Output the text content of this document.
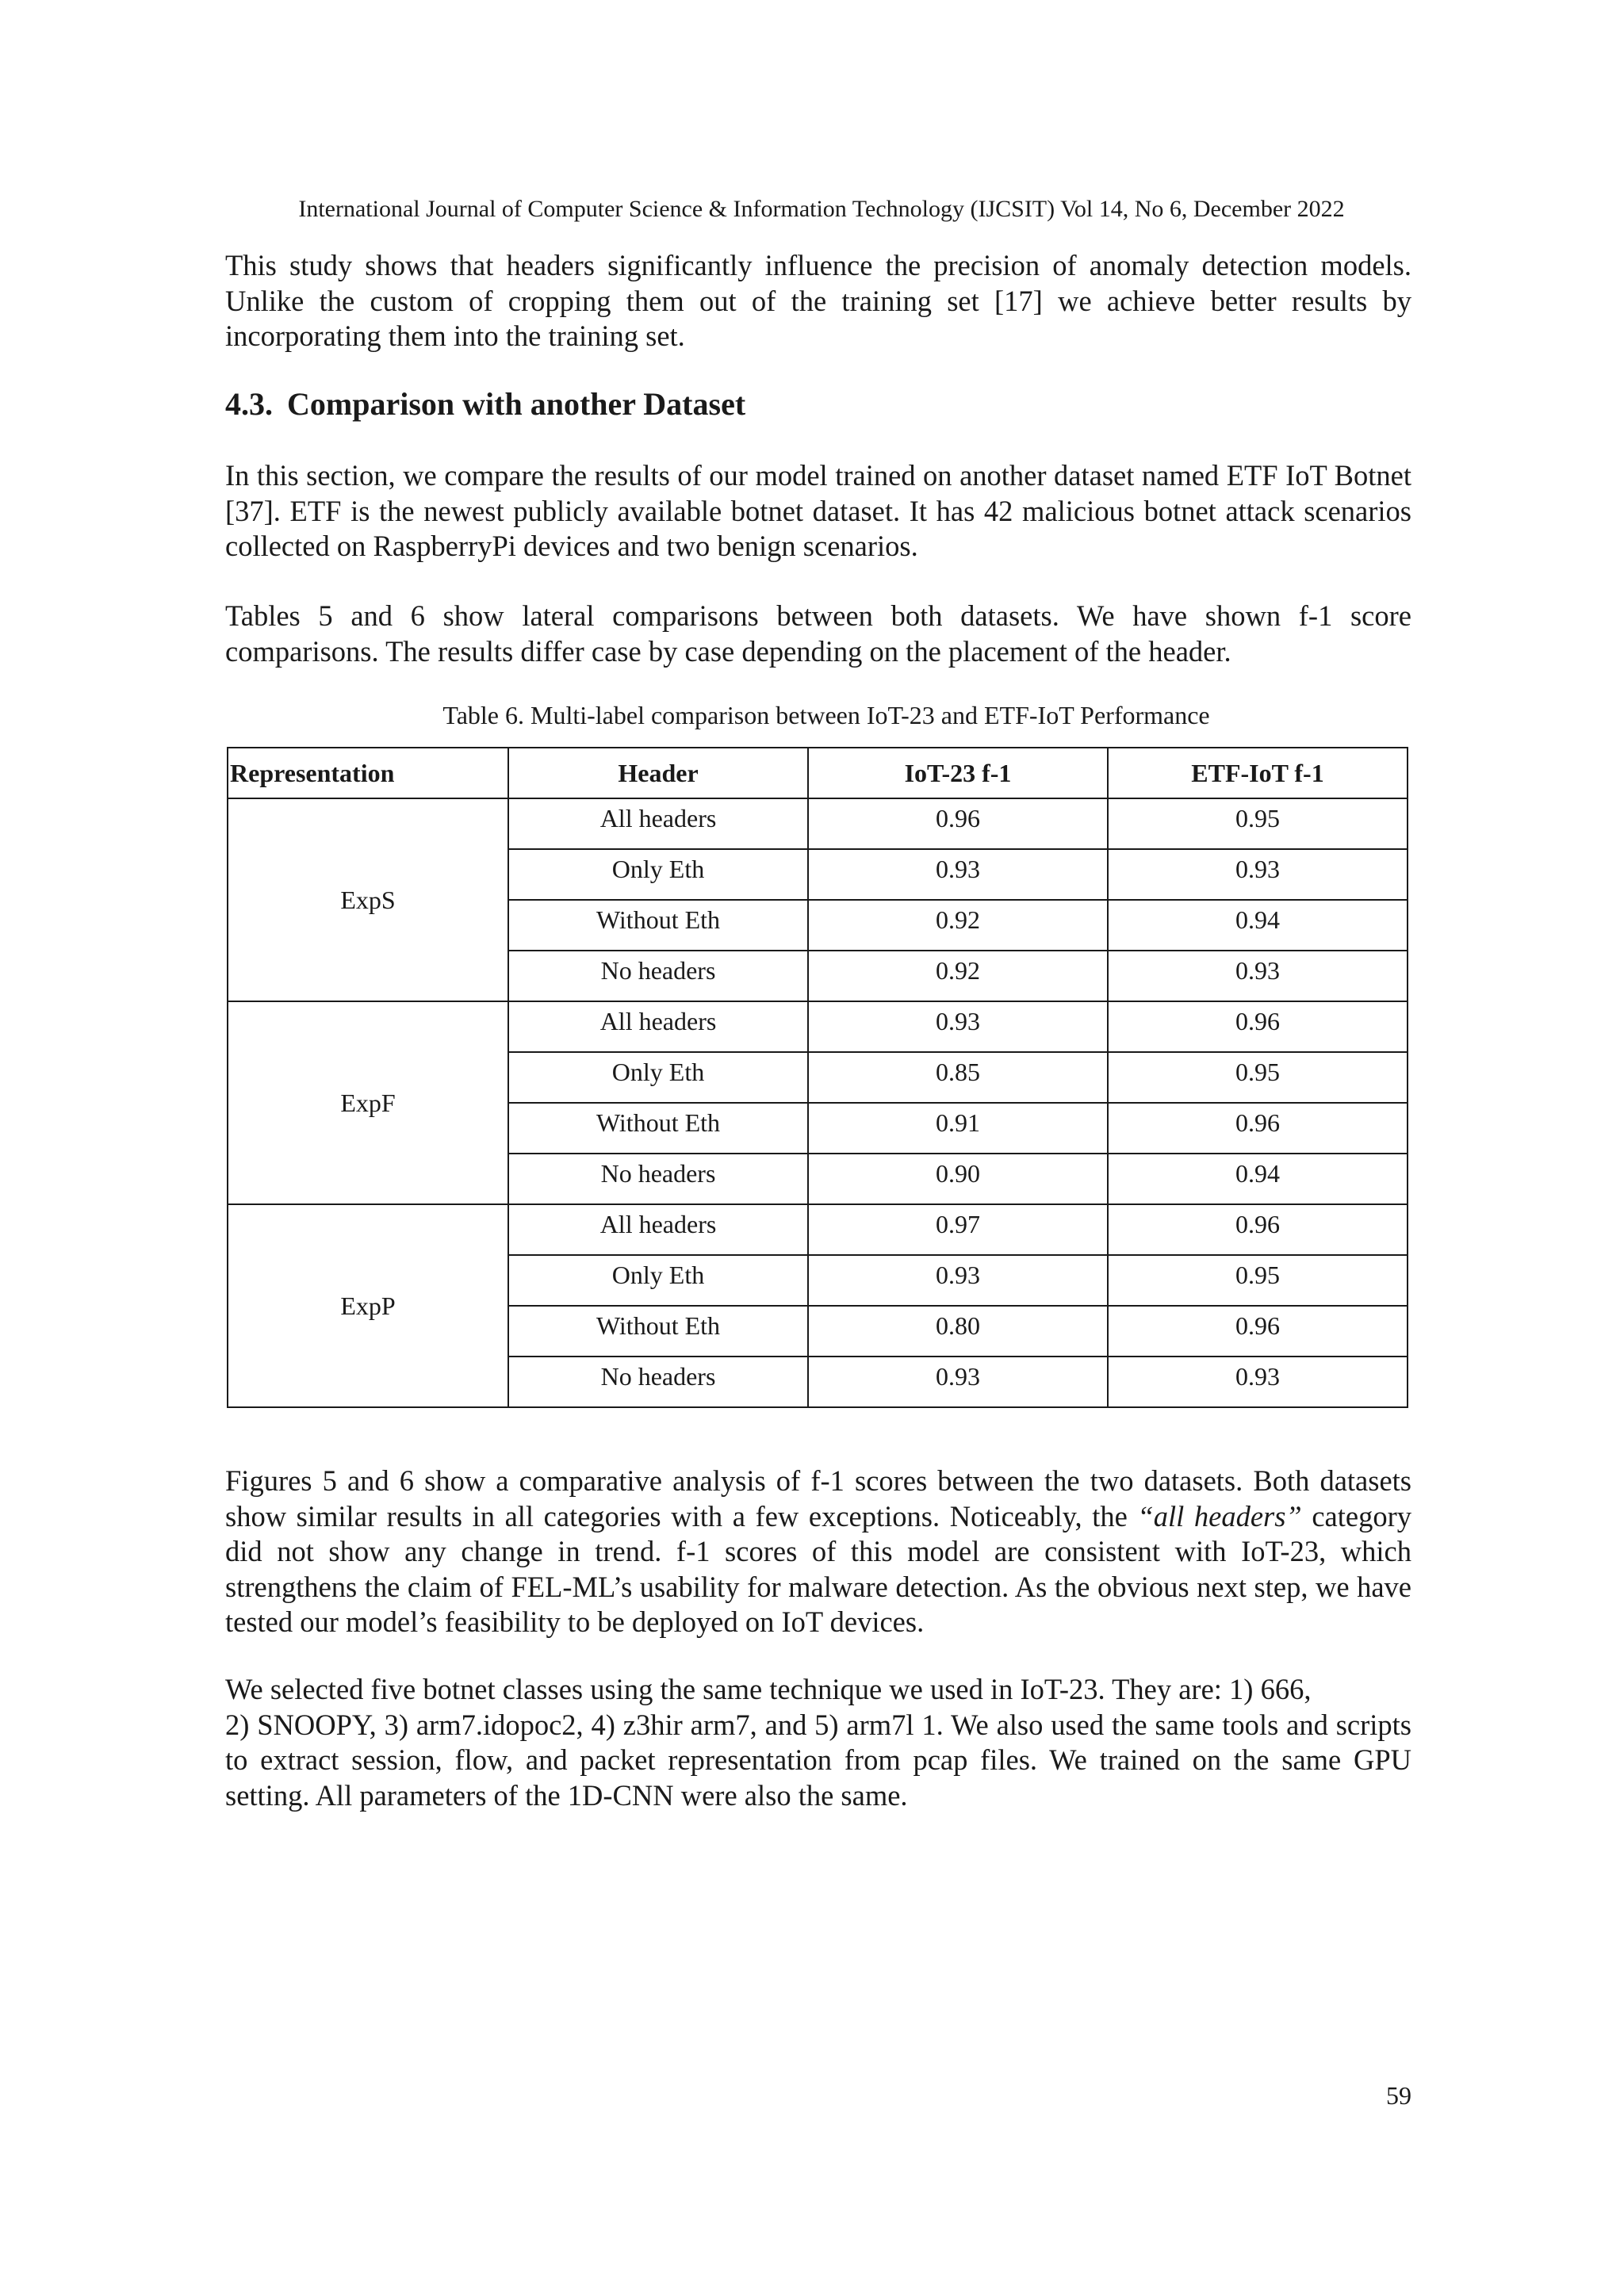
International Journal of Computer Science & Information Technology (IJCSIT) Vol 14, No 6, December 2022

This study shows that headers significantly influence the precision of anomaly detection models. Unlike the custom of cropping them out of the training set [17] we achieve better results by incorporating them into the training set.

4.3. Comparison with another Dataset

In this section, we compare the results of our model trained on another dataset named ETF IoT Botnet [37]. ETF is the newest publicly available botnet dataset. It has 42 malicious botnet attack scenarios collected on RaspberryPi devices and two benign scenarios.

Tables 5 and 6 show lateral comparisons between both datasets. We have shown f-1 score comparisons. The results differ case by case depending on the placement of the header.

Table 6. Multi-label comparison between IoT-23 and ETF-IoT Performance
Representation	Header	IoT-23 f-1	ETF-IoT f-1
ExpS	All headers	0.96	0.95
	Only Eth	0.93	0.93
	Without Eth	0.92	0.94
	No headers	0.92	0.93
ExpF	All headers	0.93	0.96
	Only Eth	0.85	0.95
	Without Eth	0.91	0.96
	No headers	0.90	0.94
ExpP	All headers	0.97	0.96
	Only Eth	0.93	0.95
	Without Eth	0.80	0.96
	No headers	0.93	0.93

Figures 5 and 6 show a comparative analysis of f-1 scores between the two datasets. Both datasets show similar results in all categories with a few exceptions. Noticeably, the “all headers” category did not show any change in trend. f-1 scores of this model are consistent with IoT-23, which strengthens the claim of FEL-ML’s usability for malware detection. As the obvious next step, we have tested our model’s feasibility to be deployed on IoT devices.

We selected five botnet classes using the same technique we used in IoT-23. They are: 1) 666,
2) SNOOPY, 3) arm7.idopoc2, 4) z3hir arm7, and 5) arm7l 1. We also used the same tools and scripts to extract session, flow, and packet representation from pcap files. We trained on the same GPU setting. All parameters of the 1D-CNN were also the same.

59
